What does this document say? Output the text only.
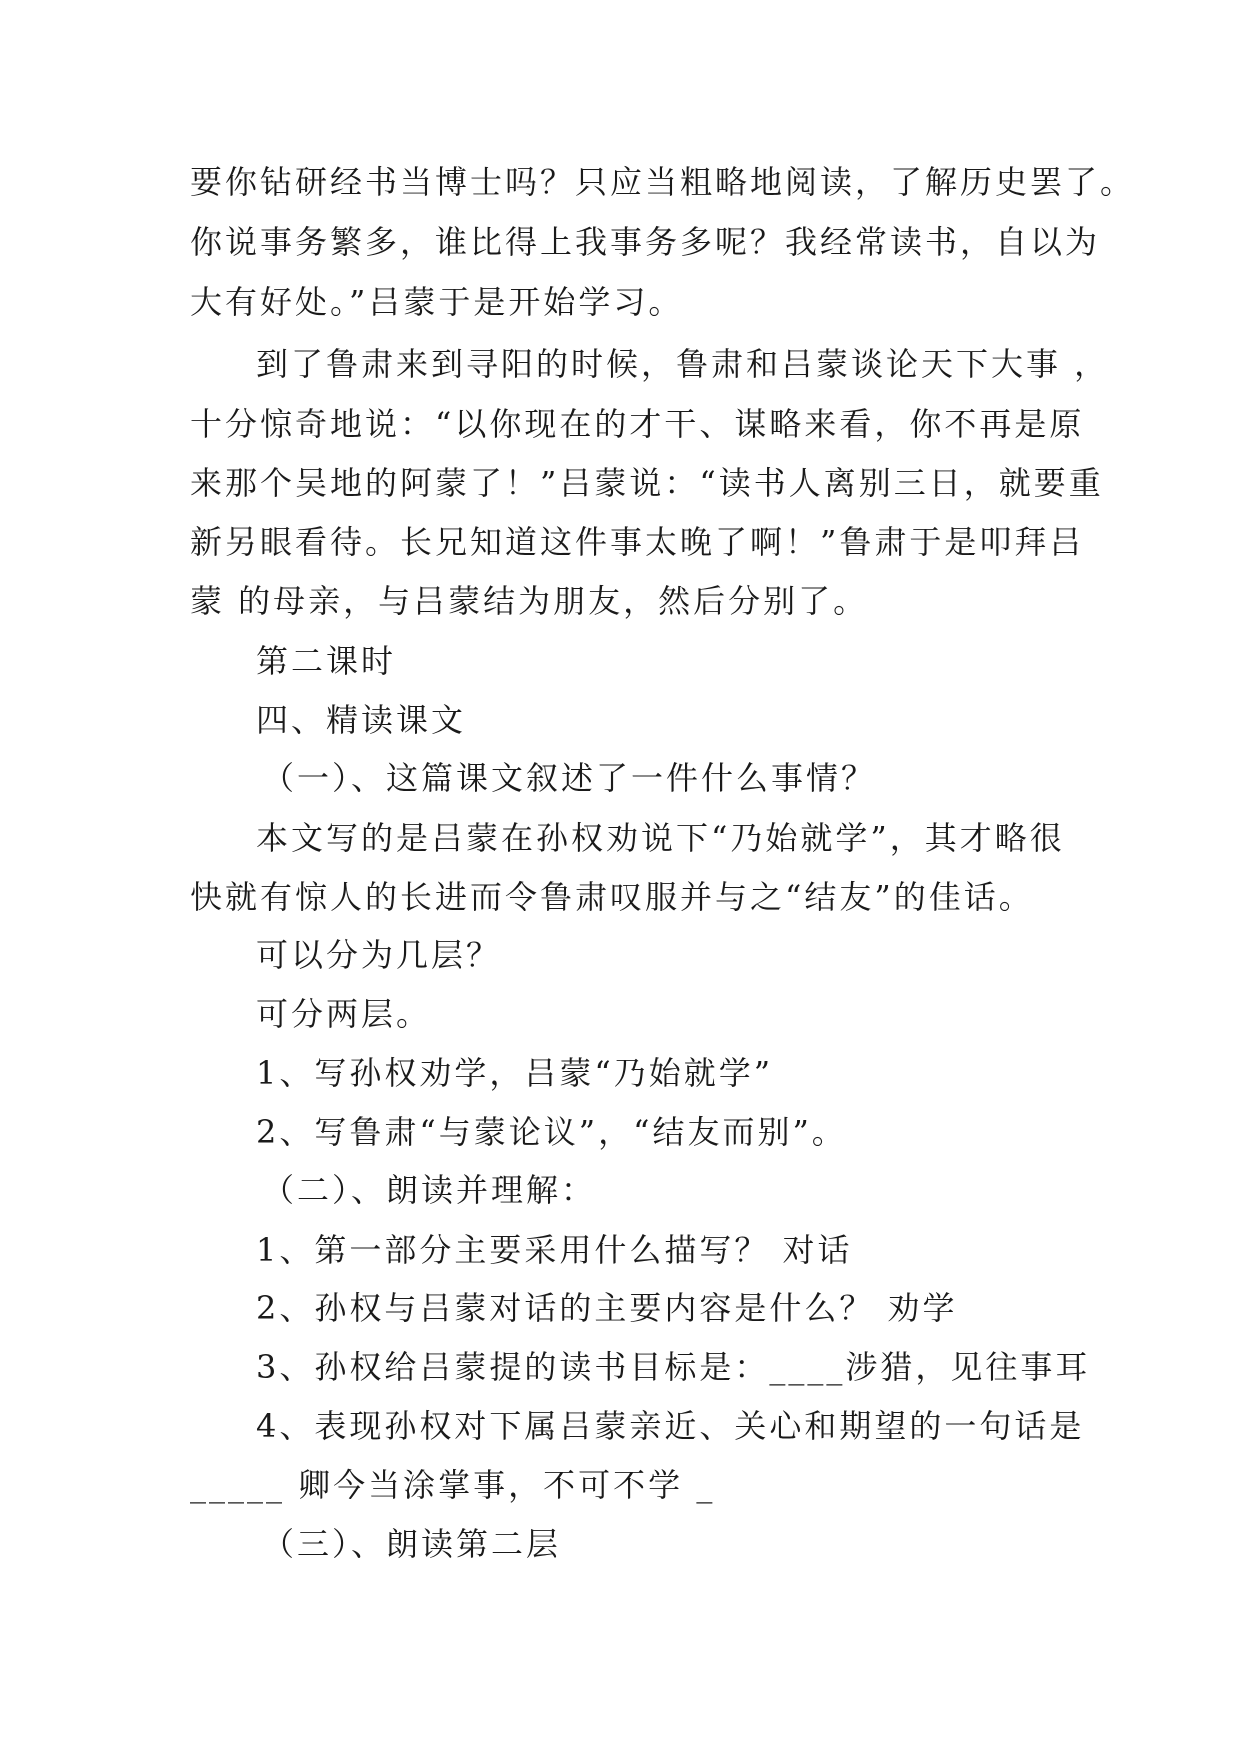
要你钻研经书当博士吗？只应当粗略地阅读，了解历史罢了。
你说事务繁多，谁比得上我事务多呢？我经常读书，自以为
大有好处。”吕蒙于是开始学习。
到了鲁肃来到寻阳的时候，鲁肃和吕蒙谈论天下大事 ，
十分惊奇地说：“以你现在的才干、谋略来看，你不再是原
来那个吴地的阿蒙了！”吕蒙说：“读书人离别三日，就要重
新另眼看待。长兄知道这件事太晚了啊！”鲁肃于是叩拜吕
蒙 的母亲，与吕蒙结为朋友，然后分别了。
第二课时
四、精读课文
（一）、这篇课文叙述了一件什么事情？
本文写的是吕蒙在孙权劝说下“乃始就学”，其才略很
快就有惊人的长进而令鲁肃叹服并与之“结友”的佳话。
可以分为几层？
可分两层。
1、写孙权劝学，吕蒙“乃始就学”
2、写鲁肃“与蒙论议”，“结友而别”。
（二）、朗读并理解：
1、第一部分主要采用什么描写？ 对话
2、孙权与吕蒙对话的主要内容是什么？ 劝学
3、孙权给吕蒙提的读书目标是：____涉猎，见往事耳
4、表现孙权对下属吕蒙亲近、关心和期望的一句话是
_____ 卿今当涂掌事，不可不学 _
（三）、朗读第二层
